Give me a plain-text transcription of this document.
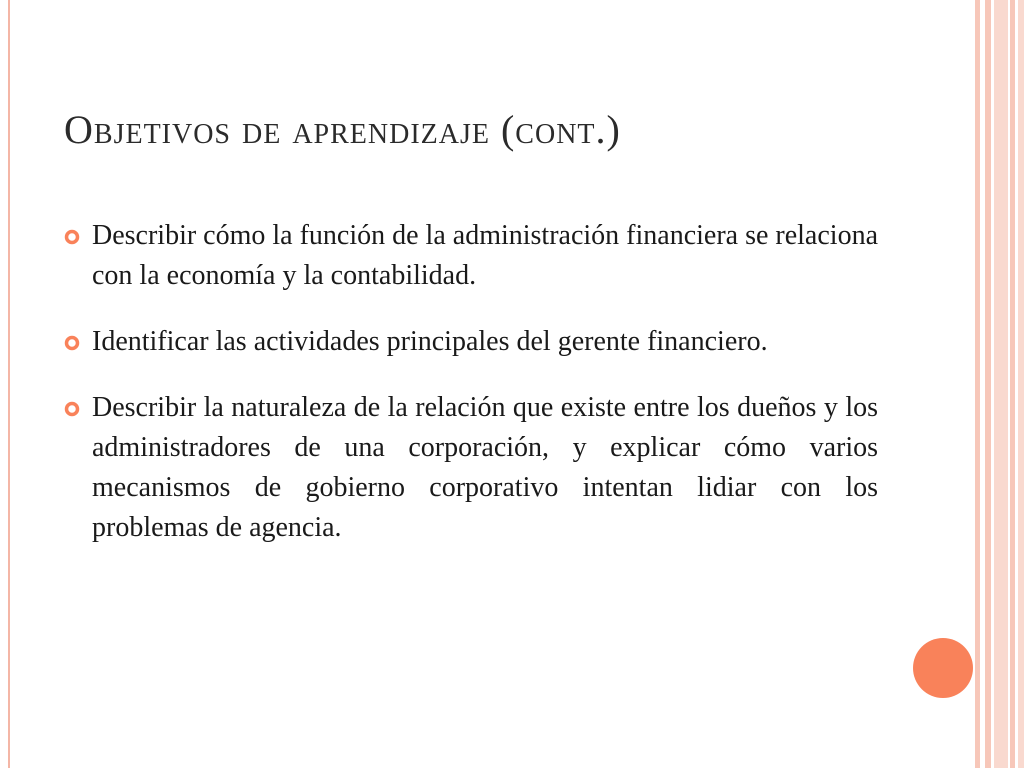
Objetivos de aprendizaje (cont.)
Describir cómo la función de la administración financiera se relaciona con la economía y la contabilidad.
Identificar las actividades principales del gerente financiero.
Describir la naturaleza de la relación que existe entre los dueños y los administradores de una corporación, y explicar cómo varios mecanismos de gobierno corporativo intentan lidiar con los problemas de agencia.
